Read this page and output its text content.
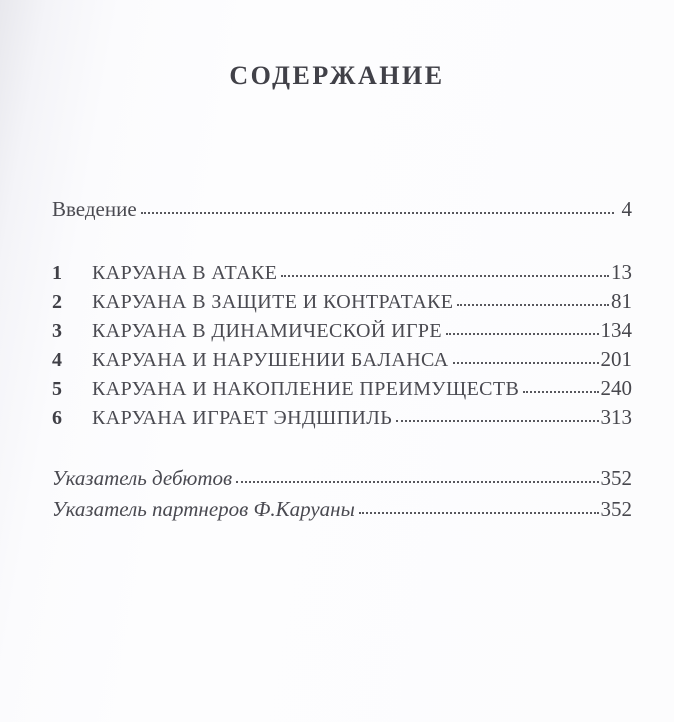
СОДЕРЖАНИЕ
Введение	4
1	КАРУАНА В АТАКЕ	13
2	КАРУАНА В ЗАЩИТЕ И КОНТРАТАКЕ	81
3	КАРУАНА В ДИНАМИЧЕСКОЙ ИГРЕ	134
4	КАРУАНА И НАРУШЕНИИ БАЛАНСА	201
5	КАРУАНА И НАКОПЛЕНИЕ ПРЕИМУЩЕСТВ	240
6	КАРУАНА ИГРАЕТ ЭНДШПИЛЬ	313
Указатель дебютов	352
Указатель партнеров Ф.Каруаны	352
